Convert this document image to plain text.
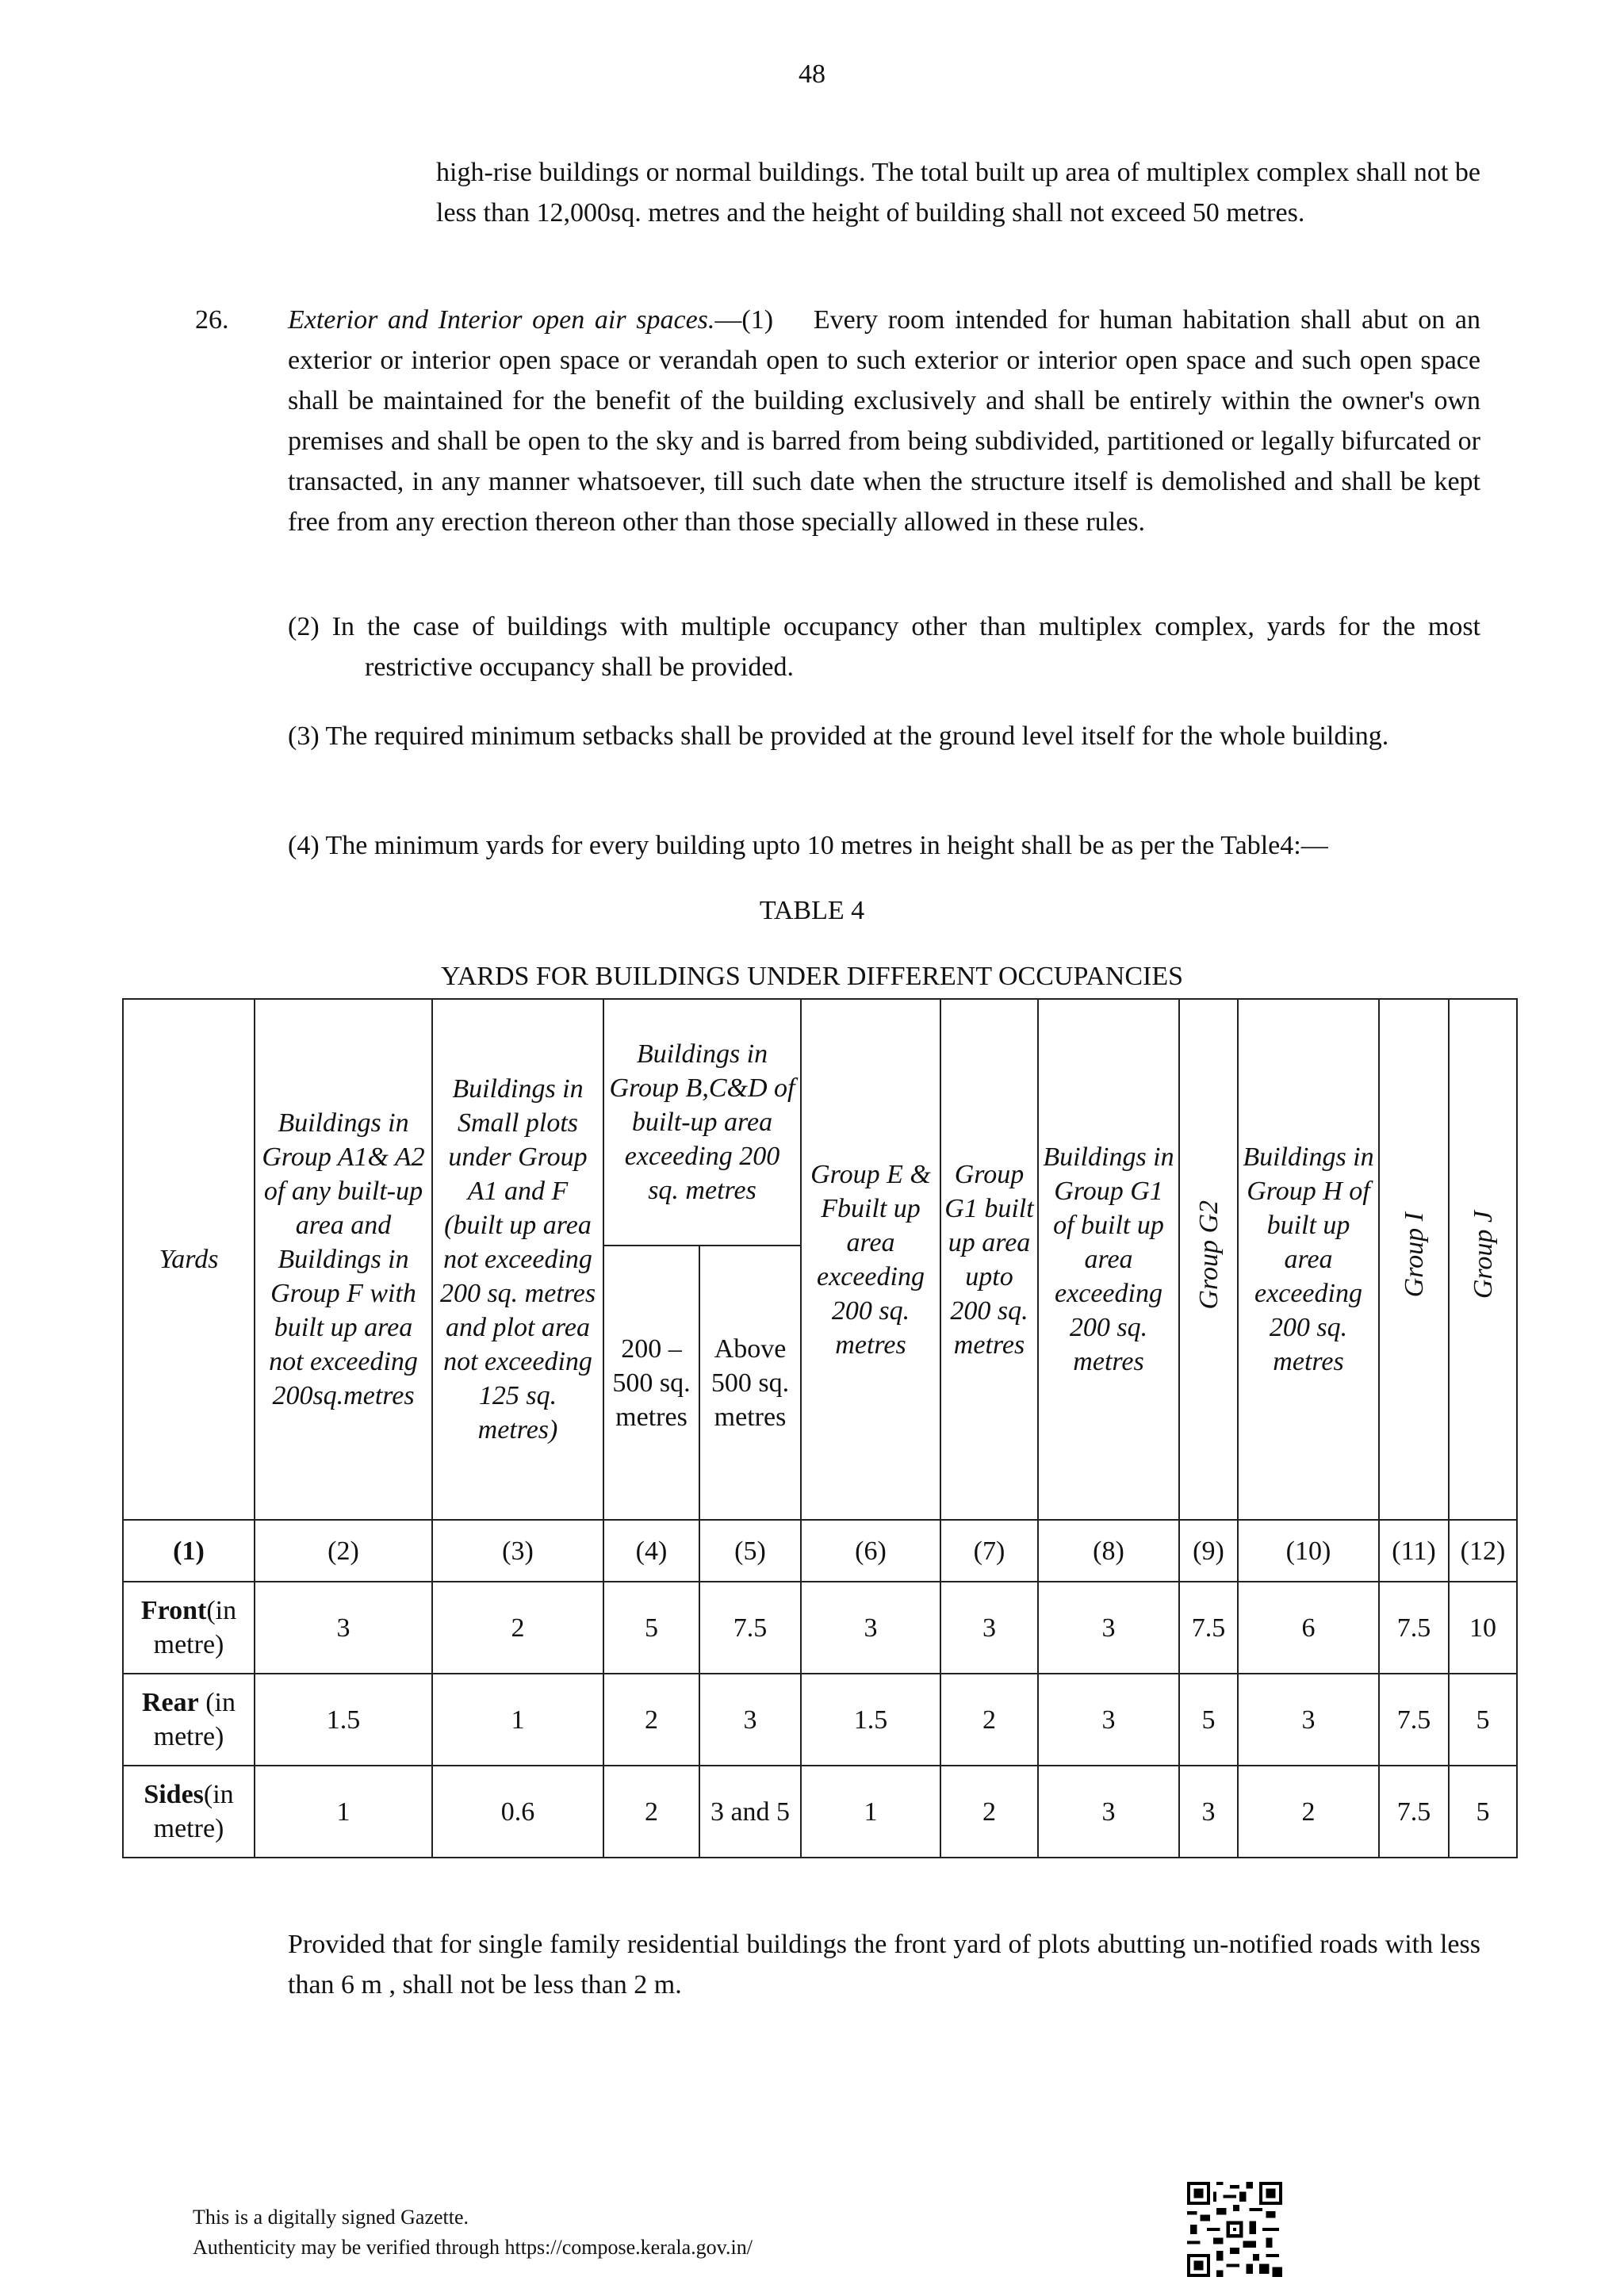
48
high-rise buildings or normal buildings. The total built up area of multiplex complex shall not be less than 12,000sq. metres and the height of building shall not exceed 50 metres.
26. Exterior and Interior open air spaces.—(1) Every room intended for human habitation shall abut on an exterior or interior open space or verandah open to such exterior or interior open space and such open space shall be maintained for the benefit of the building exclusively and shall be entirely within the owner's own premises and shall be open to the sky and is barred from being subdivided, partitioned or legally bifurcated or transacted, in any manner whatsoever, till such date when the structure itself is demolished and shall be kept free from any erection thereon other than those specially allowed in these rules.
(2) In the case of buildings with multiple occupancy other than multiplex complex, yards for the most restrictive occupancy shall be provided.
(3) The required minimum setbacks shall be provided at the ground level itself for the whole building.
(4) The minimum yards for every building upto 10 metres in height shall be as per the Table4:—
TABLE 4
YARDS FOR BUILDINGS UNDER DIFFERENT OCCUPANCIES
Yards	Buildings in Group A1& A2 of any built-up area and Buildings in Group F with built up area not exceeding 200sq.metres	Buildings in Small plots under Group A1 and F (built up area not exceeding 200 sq. metres and plot area not exceeding 125 sq. metres)	Buildings in Group B,C&D of built-up area exceeding 200 sq. metres		Group E & Fbuilt up area exceeding 200 sq. metres	Group G1 built up area upto 200 sq. metres	Buildings in Group G1 of built up area exceeding 200 sq. metres	Group G2	Buildings in Group H of built up area exceeding 200 sq. metres	Group I	Group J
			200 – 500 sq. metres	Above 500 sq. metres							
(1)	(2)	(3)	(4)	(5)	(6)	(7)	(8)	(9)	(10)	(11)	(12)
Front(in metre)	3	2	5	7.5	3	3	3	7.5	6	7.5	10
Rear (in metre)	1.5	1	2	3	1.5	2	3	5	3	7.5	5
Sides(in metre)	1	0.6	2	3 and 5	1	2	3	3	2	7.5	5
Provided that for single family residential buildings the front yard of plots abutting un-notified roads with less than 6 m , shall not be less than 2 m.
This is a digitally signed Gazette.
Authenticity may be verified through https://compose.kerala.gov.in/
